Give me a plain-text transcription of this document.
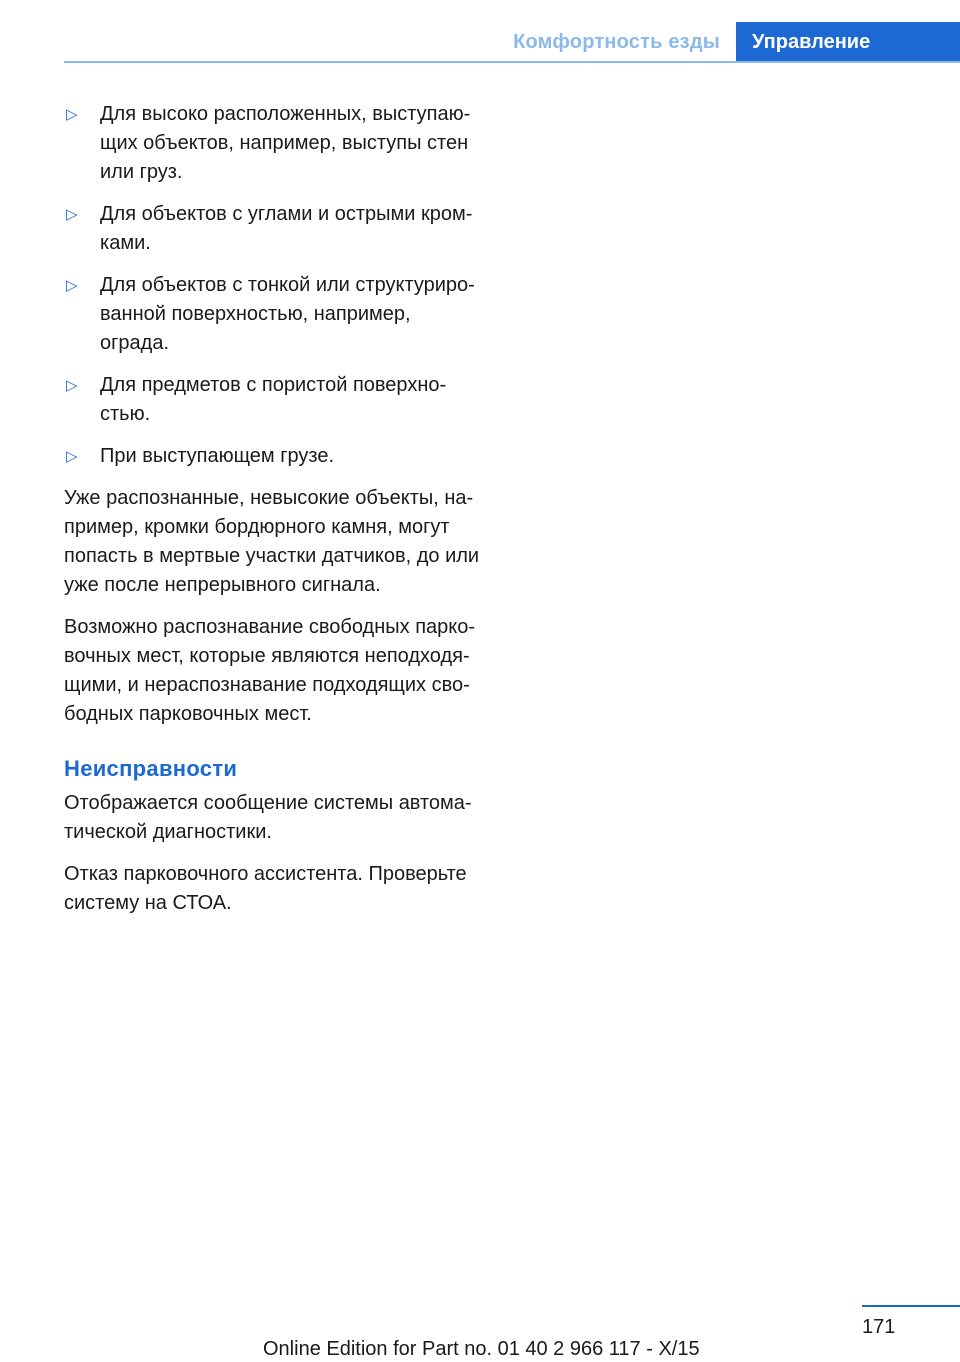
Комфортность езды	Управление
▷ Для высоко расположенных, выступаю-щих объектов, например, выступы стен или груз.
▷ Для объектов с углами и острыми кром-ками.
▷ Для объектов с тонкой или структуриро-ванной поверхностью, например, ограда.
▷ Для предметов с пористой поверхно-стью.
▷ При выступающем грузе.

Уже распознанные, невысокие объекты, на-пример, кромки бордюрного камня, могут попасть в мертвые участки датчиков, до или уже после непрерывного сигнала.

Возможно распознавание свободных парко-вочных мест, которые являются неподходя-щими, и нераспознавание подходящих сво-бодных парковочных мест.

Неисправности

Отображается сообщение системы автома-тической диагностики.

Отказ парковочного ассистента. Проверьте систему на СТОА.

171
Online Edition for Part no. 01 40 2 966 117 - X/15
